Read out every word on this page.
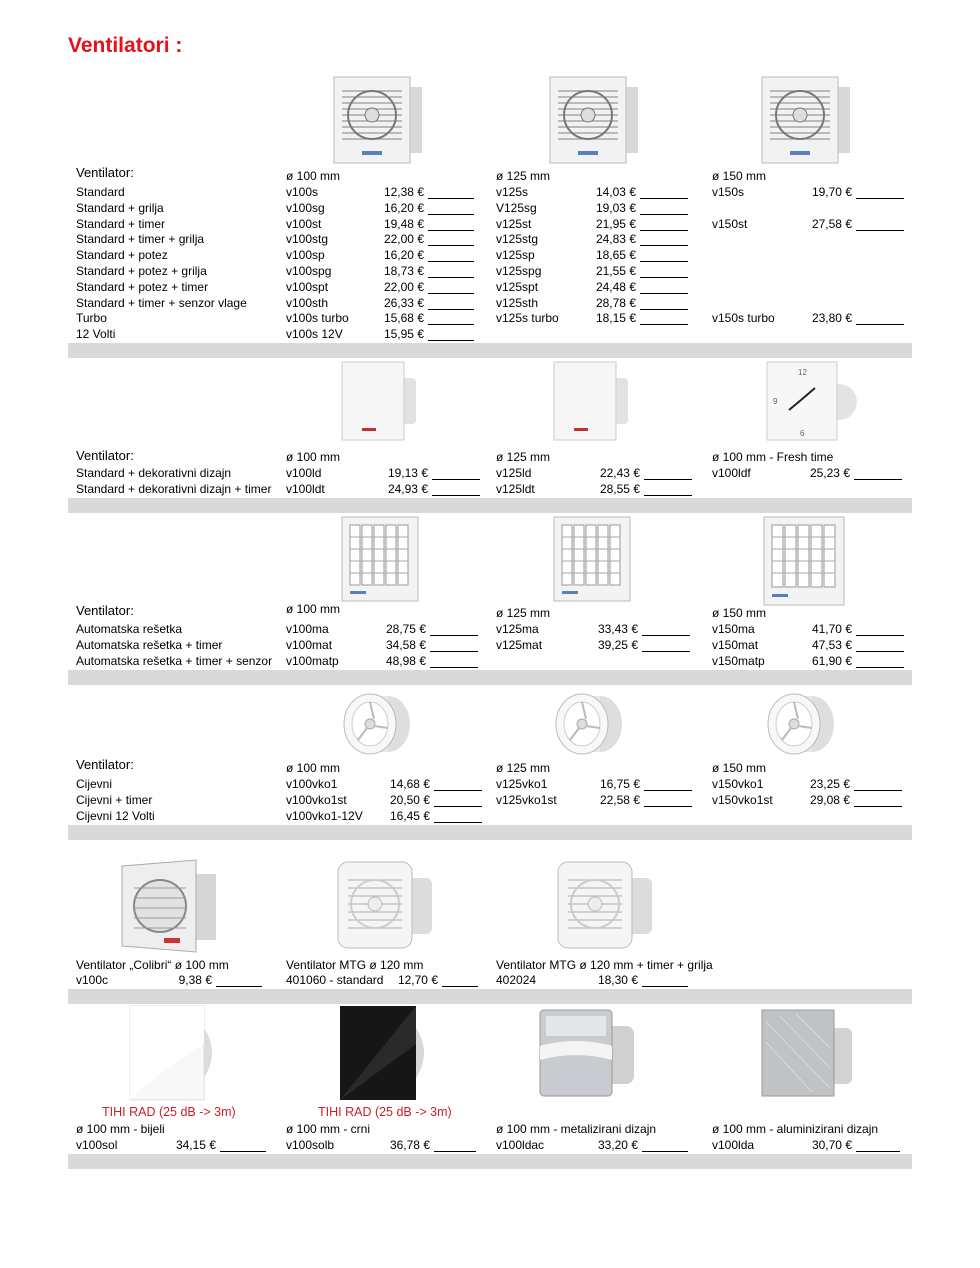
Ventilatori :
Ventilator:	ø 100 mm	ø 125 mm	ø 150 mm
Standard	v100s	12,38 €	v125s	14,03 €	v150s	19,70 €
Standard + grilja	v100sg	16,20 €	V125sg	19,03 €
Standard + timer	v100st	19,48 €	v125st	21,95 €	v150st	27,58 €
Standard + timer + grilja	v100stg	22,00 €	v125stg	24,83 €
Standard + potez	v100sp	16,20 €	v125sp	18,65 €
Standard + potez + grilja	v100spg	18,73 €	v125spg	21,55 €
Standard + potez + timer	v100spt	22,00 €	v125spt	24,48 €
Standard + timer + senzor vlage	v100sth	26,33 €	v125sth	28,78 €
Turbo	v100s turbo	15,68 €	v125s turbo	18,15 €	v150s turbo	23,80 €
12 Volti	v100s 12V	15,95 €
12
9
6
Ventilator:	ø 100 mm	ø 125 mm	ø 100 mm - Fresh time
Standard + dekorativni dizajn	v100ld	19,13 €	v125ld	22,43 €	v100ldf	25,23 €
Standard + dekorativni dizajn + timer v100ldt	24,93 €	v125ldt	28,55 €
Ventilator:	ø 100 mm	ø 125 mm	ø 150 mm
Automatska rešetka	v100ma	28,75 €	v125ma	33,43 €	v150ma	41,70 €
Automatska rešetka + timer	v100mat	34,58 €	v125mat	39,25 €	v150mat	47,53 €
Automatska rešetka + timer + senzor v100matp	48,98 €	v150matp	61,90 €
Ventilator:	ø 100 mm	ø 125 mm	ø 150 mm
Cijevni	v100vko1	14,68 €	v125vko1	16,75 €	v150vko1	23,25 €
Cijevni + timer	v100vko1st	20,50 €	v125vko1st	22,58 €	v150vko1st	29,08 €
Cijevni 12 Volti	v100vko1-12V	16,45 €
Ventilator „Colibri“ ø 100 mm
v100c	9,38 €
Ventilator MTG ø 120 mm
401060 - standard	12,70 €
Ventilator MTG ø 120 mm + timer + grilja
402024	18,30 €
TIHI RAD (25 dB -> 3m)	TIHI RAD (25 dB -> 3m)
ø 100 mm - bijeli
v100sol	34,15 €
ø 100 mm - crni
v100solb	36,78 €
ø 100 mm - metalizirani dizajn
v100ldac	33,20 €
ø 100 mm - aluminizirani dizajn
v100lda	30,70 €
